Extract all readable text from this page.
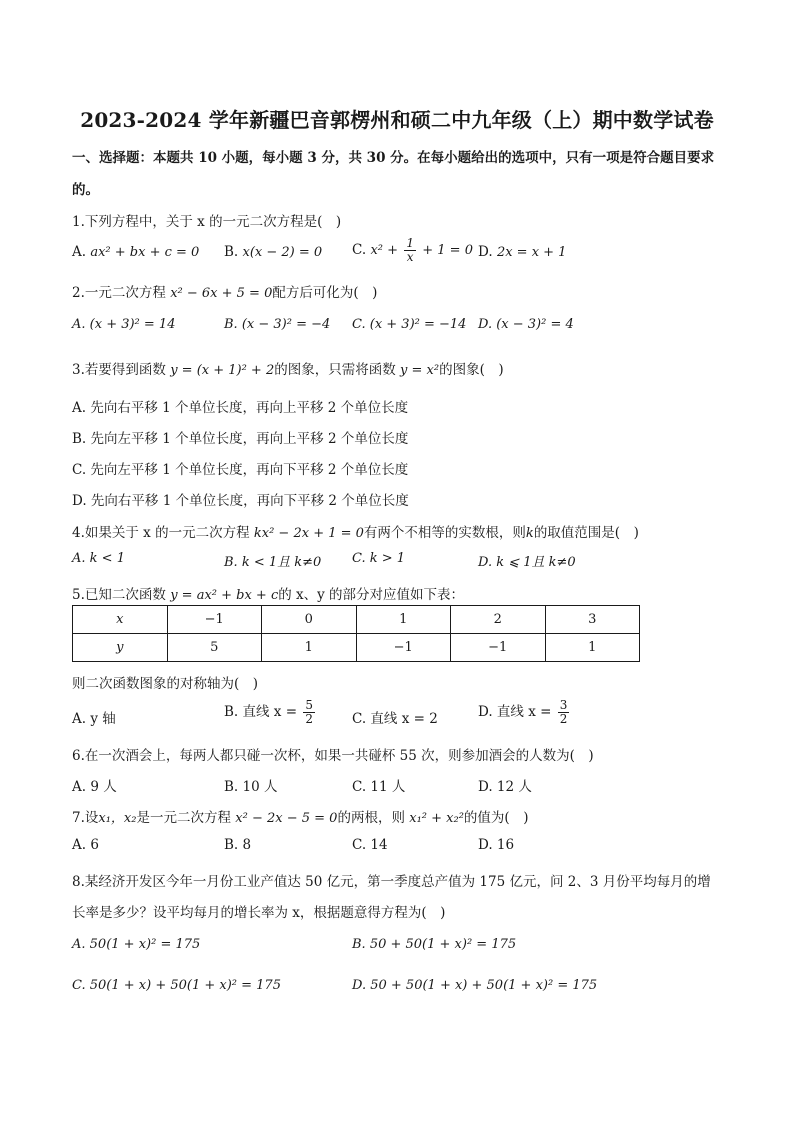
2023-2024 学年新疆巴音郭楞州和硕二中九年级（上）期中数学试卷
一、选择题：本题共 10 小题，每小题 3 分，共 30 分。在每小题给出的选项中，只有一项是符合题目要求
的。
1.下列方程中，关于 x 的一元二次方程是(　)
A. ax² + bx + c = 0 B. x(x − 2) = 0 C. $x^2 + \frac{1}{x} + 1 = 0$ D. 2x = x + 1
2.一元二次方程 x² − 6x + 5 = 0配方后可化为(　)
A. (x + 3)² = 14	B. (x − 3)² = −4 C. (x + 3)² = −14 D. (x − 3)² = 4
3.若要得到函数 y = (x + 1)² + 2的图象，只需将函数 y = x²的图象(　)
A. 先向右平移 1 个单位长度，再向上平移 2 个单位长度
B. 先向左平移 1 个单位长度，再向上平移 2 个单位长度
C. 先向左平移 1 个单位长度，再向下平移 2 个单位长度
D. 先向右平移 1 个单位长度，再向下平移 2 个单位长度
4.如果关于 x 的一元二次方程 kx² − 2x + 1 = 0有两个不相等的实数根，则k的取值范围是(　)
A. k < 1	B. k < 1且 k≠0 C. k > 1	D. k ⩽ 1且 k≠0
5.已知二次函数 y = ax² + bx + c的 x、y 的部分对应值如下表：
x	−1	0	1	2	3
y	5	1	−1	−1	1
则二次函数图象的对称轴为(　)
A. y 轴	B. 直线 $x = \frac{5}{2}$	C. 直线 x = 2	D. 直线 $x = \frac{3}{2}$
6.在一次酒会上，每两人都只碰一次杯，如果一共碰杯 55 次，则参加酒会的人数为(　)
A. 9 人	B. 10 人	C. 11 人	D. 12 人
7.设x₁，x₂是一元二次方程 x² − 2x − 5 = 0的两根，则 x₁² + x₂²的值为(　)
A. 6	B. 8	C. 14	D. 16
8.某经济开发区今年一月份工业产值达 50 亿元，第一季度总产值为 175 亿元，问 2、3 月份平均每月的增
长率是多少？设平均每月的增长率为 x，根据题意得方程为(　)
A. 50(1 + x)² = 175	B. 50 + 50(1 + x)² = 175
C. 50(1 + x) + 50(1 + x)² = 175	D. 50 + 50(1 + x) + 50(1 + x)² = 175
